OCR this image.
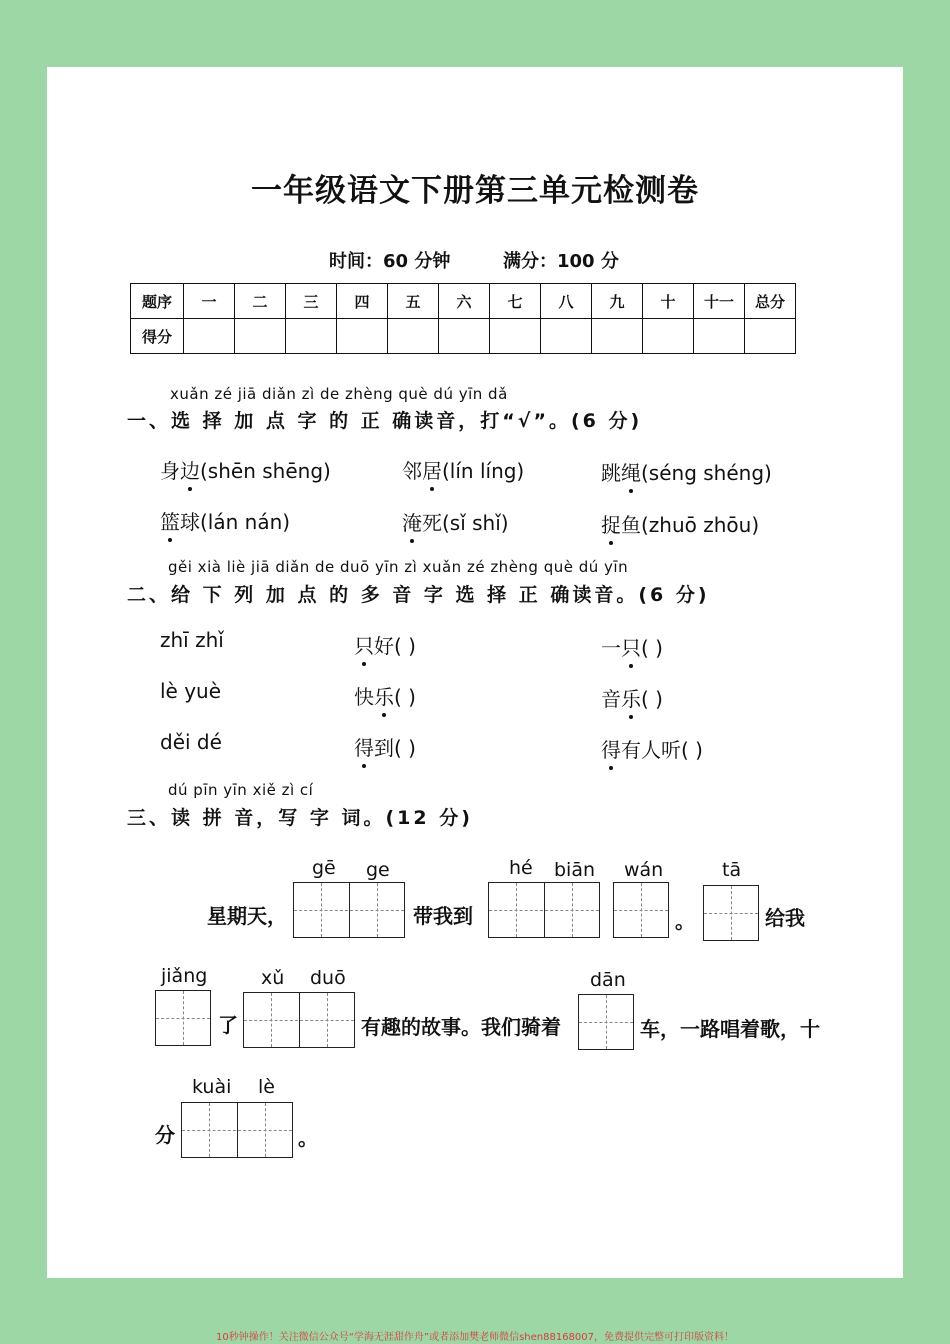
一年级语文下册第三单元检测卷
时间：60 分钟	满分：100 分
题序	一	二	三	四	五	六	七	八	九	十	十一	总分
得分												
xuǎn zé jiā diǎn zì de zhèng què dú yīn dǎ
一、选 择 加 点 字 的 正 确读音，打“√”。(6 分)
身边(shēn shēng)	邻居(lín líng)	跳绳(séng shéng)
篮球(lán nán)	淹死(sǐ shǐ)	捉鱼(zhuō zhōu)
gěi xià liè jiā diǎn de duō yīn zì xuǎn zé zhèng què dú yīn
二、给 下 列 加 点 的 多 音 字 选 择 正 确读音。(6 分)
zhī zhǐ	只好( )	一只( )
lè yuè	快乐( )	音乐( )
děi dé	得到( )	得有人听( )
dú pīn yīn xiě zì cí
三、读 拼 音，写 字 词。(12 分)
星期天，
gē ge
带我到
hé biān wán
。
tā
给我
jiǎng
了
xǔ duō
有趣的故事。我们骑着
dān
车，一路唱着歌，十
分
kuài lè
。
10秒钟操作！关注微信公众号“学海无涯甜作舟”或者添加樊老师微信shen88168007，免费提供完整可打印版资料！
